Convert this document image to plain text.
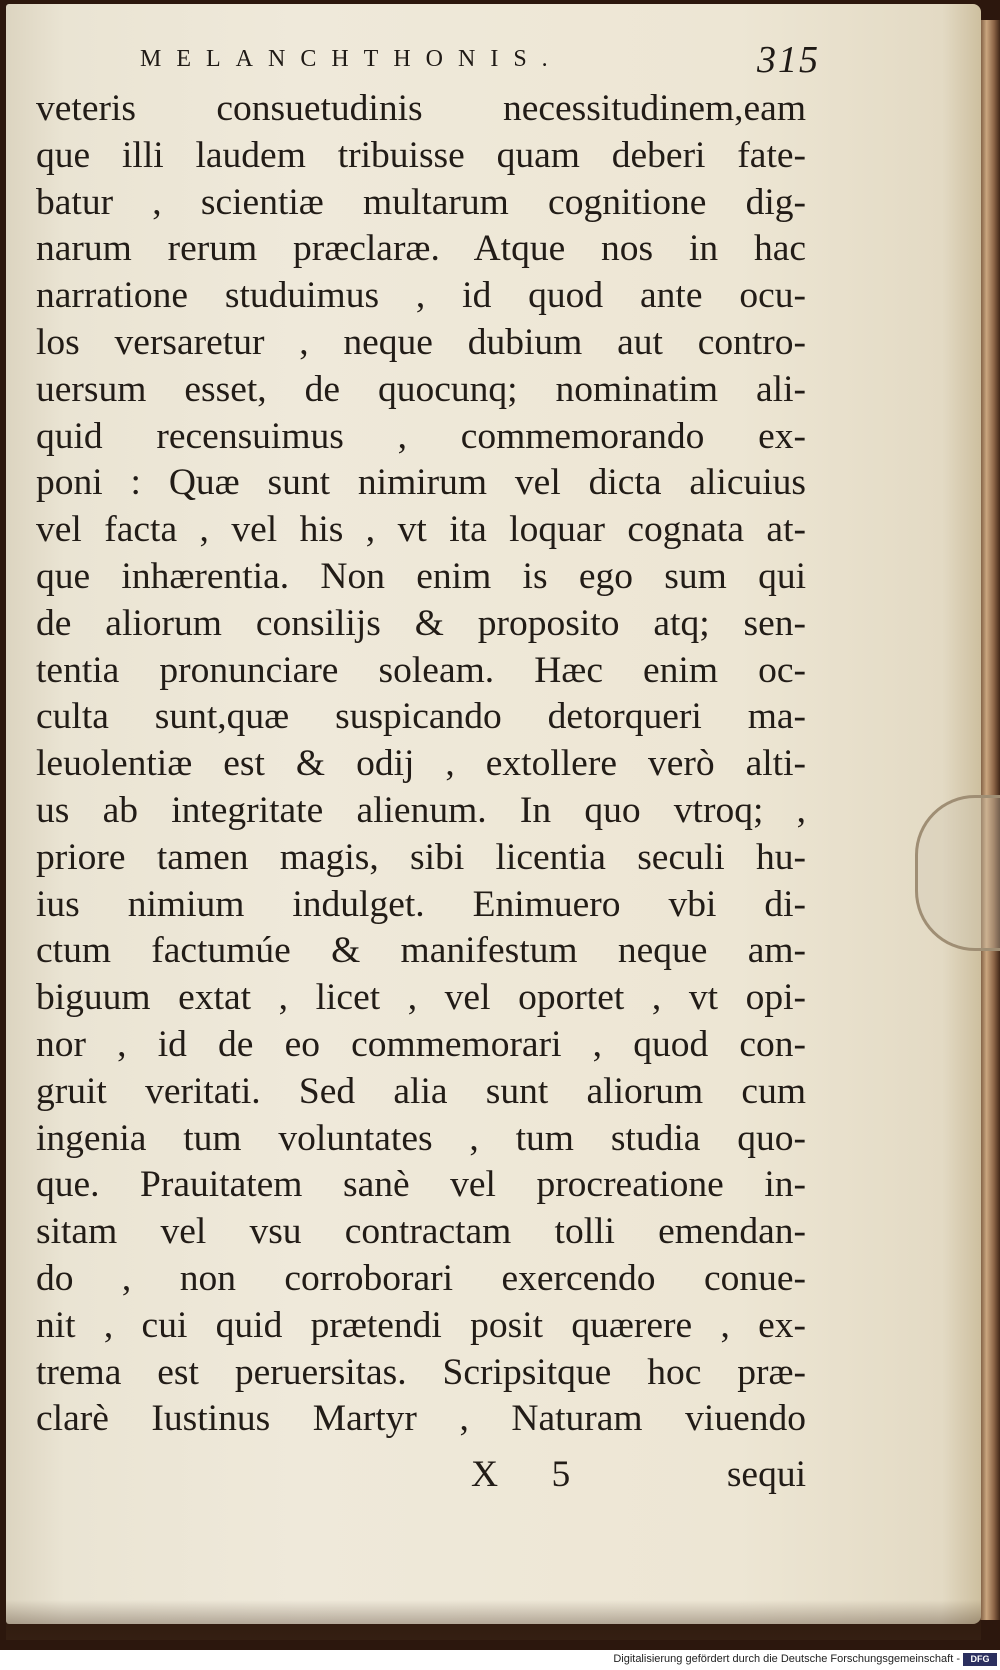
MELANCHTHONIS.	315
veteris consuetudinis necessitudinem,eam
que illi laudem tribuisse quam deberi fate-
batur , scientiæ multarum cognitione dig-
narum rerum præclaræ. Atque nos in hac
narratione studuimus , id quod ante ocu-
los versaretur , neque dubium aut contro-
uersum esset, de quocunq; nominatim ali-
quid recensuimus , commemorando ex-
poni : Quæ sunt nimirum vel dicta alicuius
vel facta , vel his , vt ita loquar cognata at-
que inhærentia. Non enim is ego sum qui
de aliorum consilijs & proposito atq; sen-
tentia pronunciare soleam. Hæc enim oc-
culta sunt,quæ suspicando detorqueri ma-
leuolentiæ est & odij , extollere verò alti-
us ab integritate alienum. In quo vtroq; ,
priore tamen magis, sibi licentia seculi hu-
ius nimium indulget. Enimuero vbi di-
ctum factumúe & manifestum neque am-
biguum extat , licet , vel oportet , vt opi-
nor , id de eo commemorari , quod con-
gruit veritati. Sed alia sunt aliorum cum
ingenia tum voluntates , tum studia quo-
que. Prauitatem sanè vel procreatione in-
sitam vel vsu contractam tolli emendan-
do , non corroborari exercendo conue-
nit , cui quid prætendi posit quærere , ex-
trema est peruersitas. Scripsitque hoc præ-
clarè Iustinus Martyr , Naturam viuendo
X 5	sequi
Digitalisierung gefördert durch die Deutsche Forschungsgemeinschaft -	DFG
